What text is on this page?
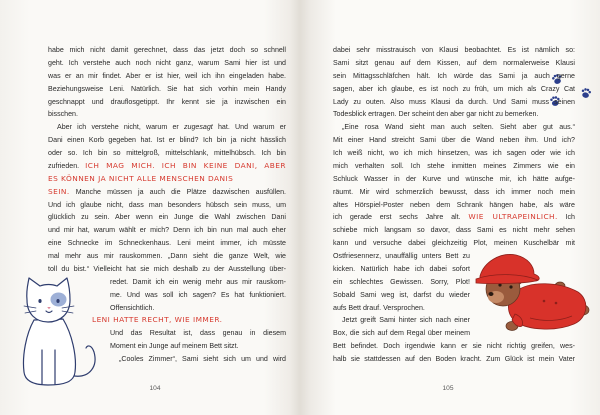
habe mich nicht damit gerechnet, dass das jetzt doch so schnell
geht. Ich verstehe auch noch nicht ganz, warum Sami hier ist und
was er an mir findet. Aber er ist hier, weil ich ihn eingeladen habe.
Beziehungsweise Leni. Natürlich. Sie hat sich vorhin mein Handy
geschnappt und drauflosgetippt. Ihr kennt sie ja inzwischen ein
bisschen.
Aber ich verstehe nicht, warum er zugesagt hat. Und warum er
Dani einen Korb gegeben hat. Ist er blind? Ich bin ja nicht hässlich
oder so. Ich bin so mittelgroß, mittelschlank, mittelhübsch. Ich bin
zufrieden. ICH MAG MICH. ICH BIN KEINE DANI, ABER
ES KÖNNEN JA NICHT ALLE MENSCHEN DANIS
SEIN. Manche müssen ja auch die Plätze dazwischen ausfüllen.
Und ich glaube nicht, dass man besonders hübsch sein muss, um
glücklich zu sein. Aber wenn ein Junge die Wahl zwischen Dani
und mir hat, warum wählt er mich? Denn ich bin nun mal auch eher
eine Schnecke im Schneckenhaus. Leni meint immer, ich müsste
mal mehr aus mir rauskommen. „Dann sieht die ganze Welt, wie
toll du bist.“ Vielleicht hat sie mich deshalb zu der Ausstellung über-
redet. Damit ich ein wenig mehr aus mir rauskom-
me. Und was soll ich sagen? Es hat funktioniert.
Offensichtlich.
LENI HATTE RECHT, WIE IMMER.
Und das Resultat ist, dass genau in diesem
Moment ein Junge auf meinem Bett sitzt.
„Cooles Zimmer“, Sami sieht sich um und wird
dabei sehr misstrauisch von Klausi beobachtet. Es ist nämlich so:
Sami sitzt genau auf dem Kissen, auf dem normalerweise Klausi
sein Mittagsschläfchen hält. Ich würde das Sami ja auch gerne
sagen, aber ich glaube, es ist noch zu früh, um mich als Crazy Cat
Lady zu outen. Also muss Klausi da durch. Und Sami muss seinen
Todesblick ertragen. Der scheint den aber gar nicht zu bemerken.
„Eine rosa Wand sieht man auch selten. Sieht aber gut aus.“
Mit einer Hand streicht Sami über die Wand neben ihm. Und ich?
Ich weiß nicht, wo ich mich hinsetzen, was ich sagen oder wie ich
mich verhalten soll. Ich stehe inmitten meines Zimmers wie ein
Schluck Wasser in der Kurve und wünsche mir, ich hätte aufge-
räumt. Mir wird schmerzlich bewusst, dass ich immer noch mein
altes Hörspiel-Poster neben dem Schrank hängen habe, als wäre
ich gerade erst sechs Jahre alt. WIE ULTRAPEINLICH. Ich
schiebe mich langsam so davor, dass Sami es nicht mehr sehen
kann und versuche dabei gleichzeitig Plot, meinen Kuschelbär mit
Ostfriesennerz, unauffällig unters Bett zu
kicken. Natürlich habe ich dabei sofort
ein schlechtes Gewissen. Sorry, Plot!
Sobald Sami weg ist, darfst du wieder
aufs Bett drauf. Versprochen.
Jetzt greift Sami hinter sich nach einer
Box, die sich auf dem Regal über meinem
Bett befindet. Doch irgendwie kann er sie nicht richtig greifen, wes-
halb sie stattdessen auf den Boden kracht. Zum Glück ist mein Vater
104	105
